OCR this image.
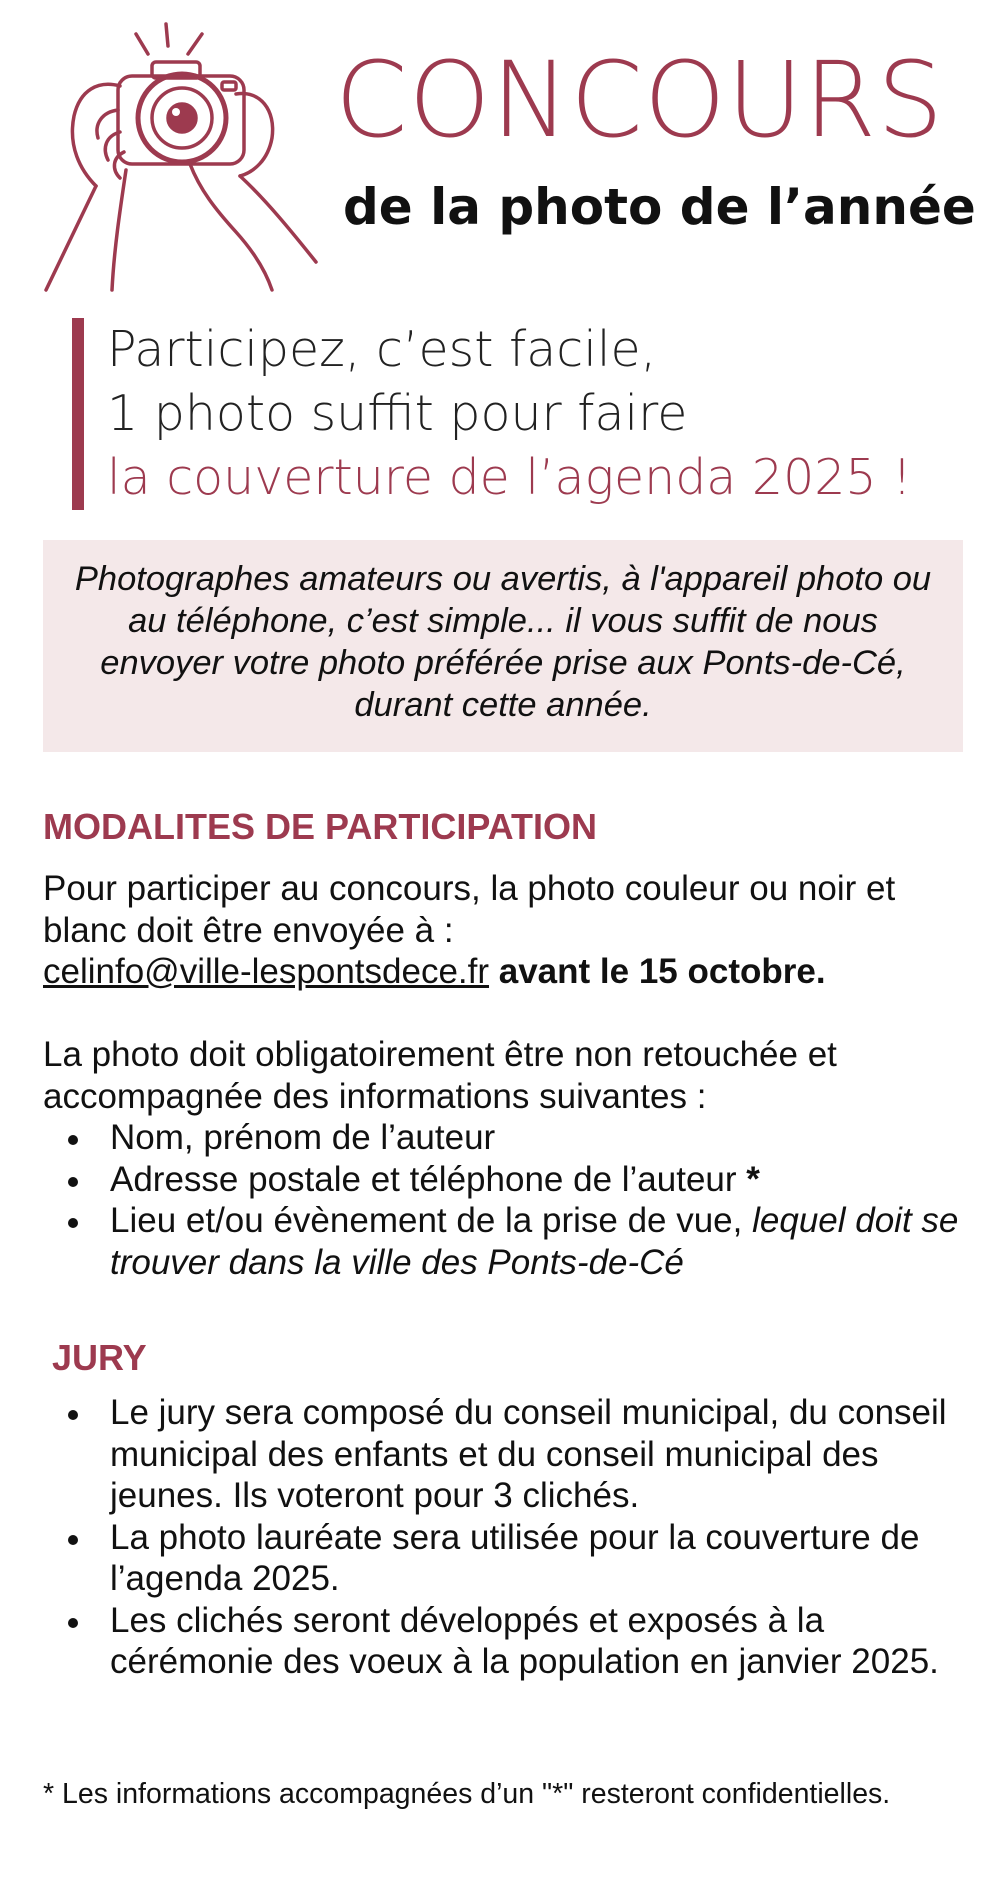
CONCOURS
de la photo de l’année
Participez, c’est facile,
1 photo suffit pour faire
la couverture de l’agenda 2025 !
Photographes amateurs ou avertis, à l'appareil photo ou au téléphone, c’est simple... il vous suffit de nous envoyer votre photo préférée prise aux Ponts-de-Cé, durant cette année.
MODALITES DE PARTICIPATION
Pour participer au concours, la photo couleur ou noir et blanc doit être envoyée à :
celinfo@ville-lespontsdece.fr avant le 15 octobre.
La photo doit obligatoirement être non retouchée et accompagnée des informations suivantes :
Nom, prénom de l’auteur
Adresse postale et téléphone de l’auteur *
Lieu et/ou évènement de la prise de vue, lequel doit se trouver dans la ville des Ponts-de-Cé
JURY
Le jury sera composé du conseil municipal, du conseil municipal des enfants et du conseil municipal des jeunes. Ils voteront pour 3 clichés.
La photo lauréate sera utilisée pour la couverture de l’agenda 2025.
Les clichés seront développés et exposés à la cérémonie des voeux à la population en janvier 2025.
* Les informations accompagnées d’un "*" resteront confidentielles.
